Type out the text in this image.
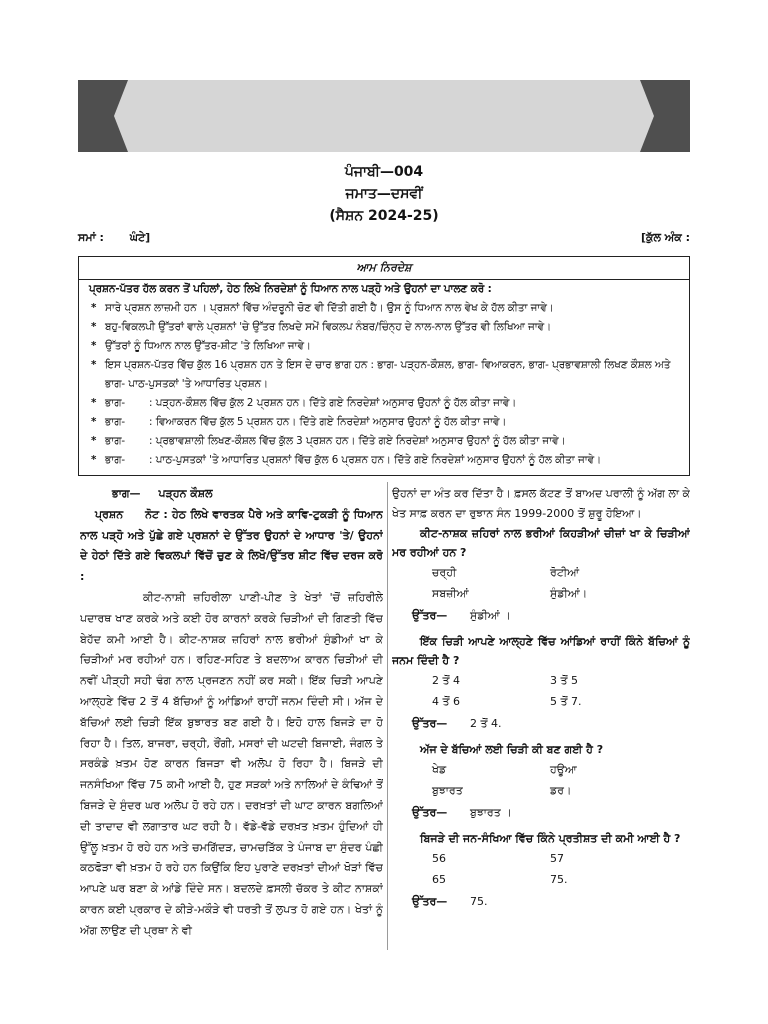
ਪੰਜਾਬੀ—004
ਜਮਾਤ—ਦਸਵੀਂ
(ਸੈਸ਼ਨ 2024-25)
ਸਮਾਂ : ਘੰਟੇ]	[ਕੁੱਲ ਅੰਕ :
ਆਮ ਨਿਰਦੇਸ਼
ਪ੍ਰਸ਼ਨ-ਪੱਤਰ ਹੱਲ ਕਰਨ ਤੋਂ ਪਹਿਲਾਂ, ਹੇਠ ਲਿਖੇ ਨਿਰਦੇਸ਼ਾਂ ਨੂੰ ਧਿਆਨ ਨਾਲ ਪੜ੍ਹੋ ਅਤੇ ਉਹਨਾਂ ਦਾ ਪਾਲਣ ਕਰੋ :
* ਸਾਰੇ ਪ੍ਰਸ਼ਨ ਲਾਜ਼ਮੀ ਹਨ । ਪ੍ਰਸ਼ਨਾਂ ਵਿੱਚ ਅੰਦਰੂਨੀ ਚੋਣ ਵੀ ਦਿੱਤੀ ਗਈ ਹੈ। ਉਸ ਨੂੰ ਧਿਆਨ ਨਾਲ ਵੇਖ ਕੇ ਹੱਲ ਕੀਤਾ ਜਾਵੇ।
* ਬਹੁ-ਵਿਕਲਪੀ ਉੱਤਰਾਂ ਵਾਲੇ ਪ੍ਰਸ਼ਨਾਂ 'ਚੇ ਉੱਤਰ ਲਿਖਦੇ ਸਮੇਂ ਵਿਕਲਪ ਨੰਬਰ/ਚਿੰਨ੍ਹ ਦੇ ਨਾਲ-ਨਾਲ ਉੱਤਰ ਵੀ ਲਿਖਿਆ ਜਾਵੇ।
* ਉੱਤਰਾਂ ਨੂੰ ਧਿਆਨ ਨਾਲ ਉੱਤਰ-ਸ਼ੀਟ 'ਤੇ ਲਿਖਿਆ ਜਾਵੇ।
* ਇਸ ਪ੍ਰਸ਼ਨ-ਪੱਤਰ ਵਿੱਚ ਕੁੱਲ 16 ਪ੍ਰਸ਼ਨ ਹਨ ਤੇ ਇਸ ਦੇ ਚਾਰ ਭਾਗ ਹਨ : ਭਾਗ- ਪੜ੍ਹਨ-ਕੌਸ਼ਲ, ਭਾਗ- ਵਿਆਕਰਨ, ਭਾਗ- ਪ੍ਰਭਾਵਸ਼ਾਲੀ ਲਿਖਣ ਕੌਸ਼ਲ ਅਤੇ ਭਾਗ- ਪਾਠ-ਪੁਸਤਕਾਂ 'ਤੇ ਆਧਾਰਿਤ ਪ੍ਰਸ਼ਨ।
* ਭਾਗ- : ਪੜ੍ਹਨ-ਕੌਸ਼ਲ ਵਿੱਚ ਕੁੱਲ 2 ਪ੍ਰਸ਼ਨ ਹਨ। ਦਿੱਤੇ ਗਏ ਨਿਰਦੇਸ਼ਾਂ ਅਨੁਸਾਰ ਉਹਨਾਂ ਨੂੰ ਹੱਲ ਕੀਤਾ ਜਾਵੇ।
* ਭਾਗ- : ਵਿਆਕਰਨ ਵਿੱਚ ਕੁੱਲ 5 ਪ੍ਰਸ਼ਨ ਹਨ। ਦਿੱਤੇ ਗਏ ਨਿਰਦੇਸ਼ਾਂ ਅਨੁਸਾਰ ਉਹਨਾਂ ਨੂੰ ਹੱਲ ਕੀਤਾ ਜਾਵੇ।
* ਭਾਗ- : ਪ੍ਰਭਾਵਸ਼ਾਲੀ ਲਿਖਣ-ਕੌਸ਼ਲ ਵਿੱਚ ਕੁੱਲ 3 ਪ੍ਰਸ਼ਨ ਹਨ। ਦਿੱਤੇ ਗਏ ਨਿਰਦੇਸ਼ਾਂ ਅਨੁਸਾਰ ਉਹਨਾਂ ਨੂੰ ਹੱਲ ਕੀਤਾ ਜਾਵੇ।
* ਭਾਗ- : ਪਾਠ-ਪੁਸਤਕਾਂ 'ਤੇ ਆਧਾਰਿਤ ਪ੍ਰਸ਼ਨਾਂ ਵਿੱਚ ਕੁੱਲ 6 ਪ੍ਰਸ਼ਨ ਹਨ। ਦਿੱਤੇ ਗਏ ਨਿਰਦੇਸ਼ਾਂ ਅਨੁਸਾਰ ਉਹਨਾਂ ਨੂੰ ਹੱਲ ਕੀਤਾ ਜਾਵੇ।
ਭਾਗ— ਪੜ੍ਹਨ ਕੌਸ਼ਲ

ਪ੍ਰਸ਼ਨ ਨੋਟ : ਹੇਠ ਲਿਖੇ ਵਾਰਤਕ ਪੈਰੇ ਅਤੇ ਕਾਵਿ-ਟੁਕੜੀ ਨੂੰ ਧਿਆਨ ਨਾਲ ਪੜ੍ਹੋ ਅਤੇ ਪੁੱਛੇ ਗਏ ਪ੍ਰਸ਼ਨਾਂ ਦੇ ਉੱਤਰ ਉਹਨਾਂ ਦੇ ਆਧਾਰ 'ਤੇ/ ਉਹਨਾਂ ਦੇ ਹੇਠਾਂ ਦਿੱਤੇ ਗਏ ਵਿਕਲਪਾਂ ਵਿੱਚੋਂ ਚੁਣ ਕੇ ਲਿਖੋ/ਉੱਤਰ ਸ਼ੀਟ ਵਿੱਚ ਦਰਜ ਕਰੋ :

ਕੀਟ-ਨਾਸ਼ੀ ਜ਼ਹਿਰੀਲਾ ਪਾਣੀ-ਪੀਣ ਤੇ ਖੇਤਾਂ 'ਚੋਂ ਜ਼ਹਿਰੀਲੇ ਪਦਾਰਥ ਖਾਣ ਕਰਕੇ ਅਤੇ ਕਈ ਹੋਰ ਕਾਰਨਾਂ ਕਰਕੇ ਚਿੜੀਆਂ ਦੀ ਗਿਣਤੀ ਵਿੱਚ ਬੇਹੱਦ ਕਮੀ ਆਈ ਹੈ। ਕੀਟ-ਨਾਸ਼ਕ ਜ਼ਹਿਰਾਂ ਨਾਲ ਭਰੀਆਂ ਸੁੰਡੀਆਂ ਖਾ ਕੇ ਚਿੜੀਆਂ ਮਰ ਰਹੀਆਂ ਹਨ। ਰਹਿਣ-ਸਹਿਣ ਤੇ ਬਦਲਾਅ ਕਾਰਨ ਚਿੜੀਆਂ ਦੀ ਨਵੀਂ ਪੀੜ੍ਹੀ ਸਹੀ ਢੰਗ ਨਾਲ ਪ੍ਰਜਣਨ ਨਹੀਂ ਕਰ ਸਕੀ। ਇੱਕ ਚਿੜੀ ਆਪਣੇ ਆਲ੍ਹਣੇ ਵਿੱਚ 2 ਤੋਂ 4 ਬੱਚਿਆਂ ਨੂੰ ਆਂਡਿਆਂ ਰਾਹੀਂ ਜਨਮ ਦਿੰਦੀ ਸੀ। ਅੱਜ ਦੇ ਬੱਚਿਆਂ ਲਈ ਚਿੜੀ ਇੱਕ ਬੁਝਾਰਤ ਬਣ ਗਈ ਹੈ। ਇਹੋ ਹਾਲ ਬਿਜੜੇ ਦਾ ਹੋ ਰਿਹਾ ਹੈ। ਤਿਲ, ਬਾਜਰਾ, ਚਰ੍ਹੀ, ਰੌਂਗੀ, ਮਸਰਾਂ ਦੀ ਘਟਦੀ ਬਿਜਾਈ, ਜੰਗਲ ਤੇ ਸਰਕੰਡੇ ਖ਼ਤਮ ਹੋਣ ਕਾਰਨ ਬਿਜੜਾ ਵੀ ਅਲੋਪ ਹੋ ਰਿਹਾ ਹੈ। ਬਿਜੜੇ ਦੀ ਜਨਸੰਖਿਆ ਵਿੱਚ 75 ਕਮੀ ਆਈ ਹੈ, ਹੁਣ ਸੜਕਾਂ ਅਤੇ ਨਾਲਿਆਂ ਦੇ ਕੰਢਿਆਂ ਤੋਂ ਬਿਜੜੇ ਦੇ ਸੁੰਦਰ ਘਰ ਅਲੋਪ ਹੋ ਰਹੇ ਹਨ। ਦਰਖ਼ਤਾਂ ਦੀ ਘਾਟ ਕਾਰਨ ਬਗਲਿਆਂ ਦੀ ਤਾਦਾਦ ਵੀ ਲਗਾਤਾਰ ਘਟ ਰਹੀ ਹੈ। ਵੱਡੇ-ਵੱਡੇ ਦਰਖ਼ਤ ਖ਼ਤਮ ਹੁੰਦਿਆਂ ਹੀ ਉੱਲੂ ਖ਼ਤਮ ਹੋ ਰਹੇ ਹਨ ਅਤੇ ਚਮਗਿੱਦੜ, ਚਾਮਚੜਿੱਕ ਤੇ ਪੰਜਾਬ ਦਾ ਸੁੰਦਰ ਪੰਛੀ ਕਠਫੋੜਾ ਵੀ ਖ਼ਤਮ ਹੋ ਰਹੇ ਹਨ ਕਿਉਂਕਿ ਇਹ ਪੁਰਾਣੇ ਦਰਖ਼ਤਾਂ ਦੀਆਂ ਖੋੜਾਂ ਵਿੱਚ ਆਪਣੇ ਘਰ ਬਣਾ ਕੇ ਆਂਡੇ ਦਿੰਦੇ ਸਨ। ਬਦਲਦੇ ਫ਼ਸਲੀ ਚੱਕਰ ਤੇ ਕੀਟ ਨਾਸ਼ਕਾਂ ਕਾਰਨ ਕਈ ਪ੍ਰਕਾਰ ਦੇ ਕੀੜੇ-ਮਕੌੜੇ ਵੀ ਧਰਤੀ ਤੋਂ ਲੁਪਤ ਹੋ ਗਏ ਹਨ। ਖੇਤਾਂ ਨੂੰ ਅੱਗ ਲਾਉਣ ਦੀ ਪ੍ਰਥਾ ਨੇ ਵੀ

ਉਹਨਾਂ ਦਾ ਅੰਤ ਕਰ ਦਿੱਤਾ ਹੈ। ਫ਼ਸਲ ਕੱਟਣ ਤੋਂ ਬਾਅਦ ਪਰਾਲੀ ਨੂੰ ਅੱਗ ਲਾ ਕੇ ਖੇਤ ਸਾਫ਼ ਕਰਨ ਦਾ ਰੁਝਾਨ ਸੰਨ 1999-2000 ਤੋਂ ਸ਼ੁਰੂ ਹੋਇਆ।

ਕੀਟ-ਨਾਸ਼ਕ ਜ਼ਹਿਰਾਂ ਨਾਲ ਭਰੀਆਂ ਕਿਹੜੀਆਂ ਚੀਜ਼ਾਂ ਖਾ ਕੇ ਚਿੜੀਆਂ ਮਰ ਰਹੀਆਂ ਹਨ ?

ਚਰ੍ਹੀ	ਰੋਟੀਆਂ
ਸਬਜ਼ੀਆਂ	ਸੁੰਡੀਆਂ।
ਉੱਤਰ— ਸੁੰਡੀਆਂ ।

ਇੱਕ ਚਿੜੀ ਆਪਣੇ ਆਲ੍ਹਣੇ ਵਿੱਚ ਆਂਡਿਆਂ ਰਾਹੀਂ ਕਿੰਨੇ ਬੱਚਿਆਂ ਨੂੰ ਜਨਮ ਦਿੰਦੀ ਹੈ ?

2 ਤੋਂ 4	3 ਤੋਂ 5
4 ਤੋਂ 6	5 ਤੋਂ 7.
ਉੱਤਰ— 2 ਤੋਂ 4.

ਅੱਜ ਦੇ ਬੱਚਿਆਂ ਲਈ ਚਿੜੀ ਕੀ ਬਣ ਗਈ ਹੈ ?

ਖੇਡ	ਹਊਆ
ਬੁਝਾਰਤ	ਡਰ।
ਉੱਤਰ— ਬੁਝਾਰਤ ।

ਬਿਜੜੇ ਦੀ ਜਨ-ਸੰਖਿਆ ਵਿੱਚ ਕਿੰਨੇ ਪ੍ਰਤੀਸ਼ਤ ਦੀ ਕਮੀ ਆਈ ਹੈ ?

56	57
65	75.
ਉੱਤਰ— 75.
